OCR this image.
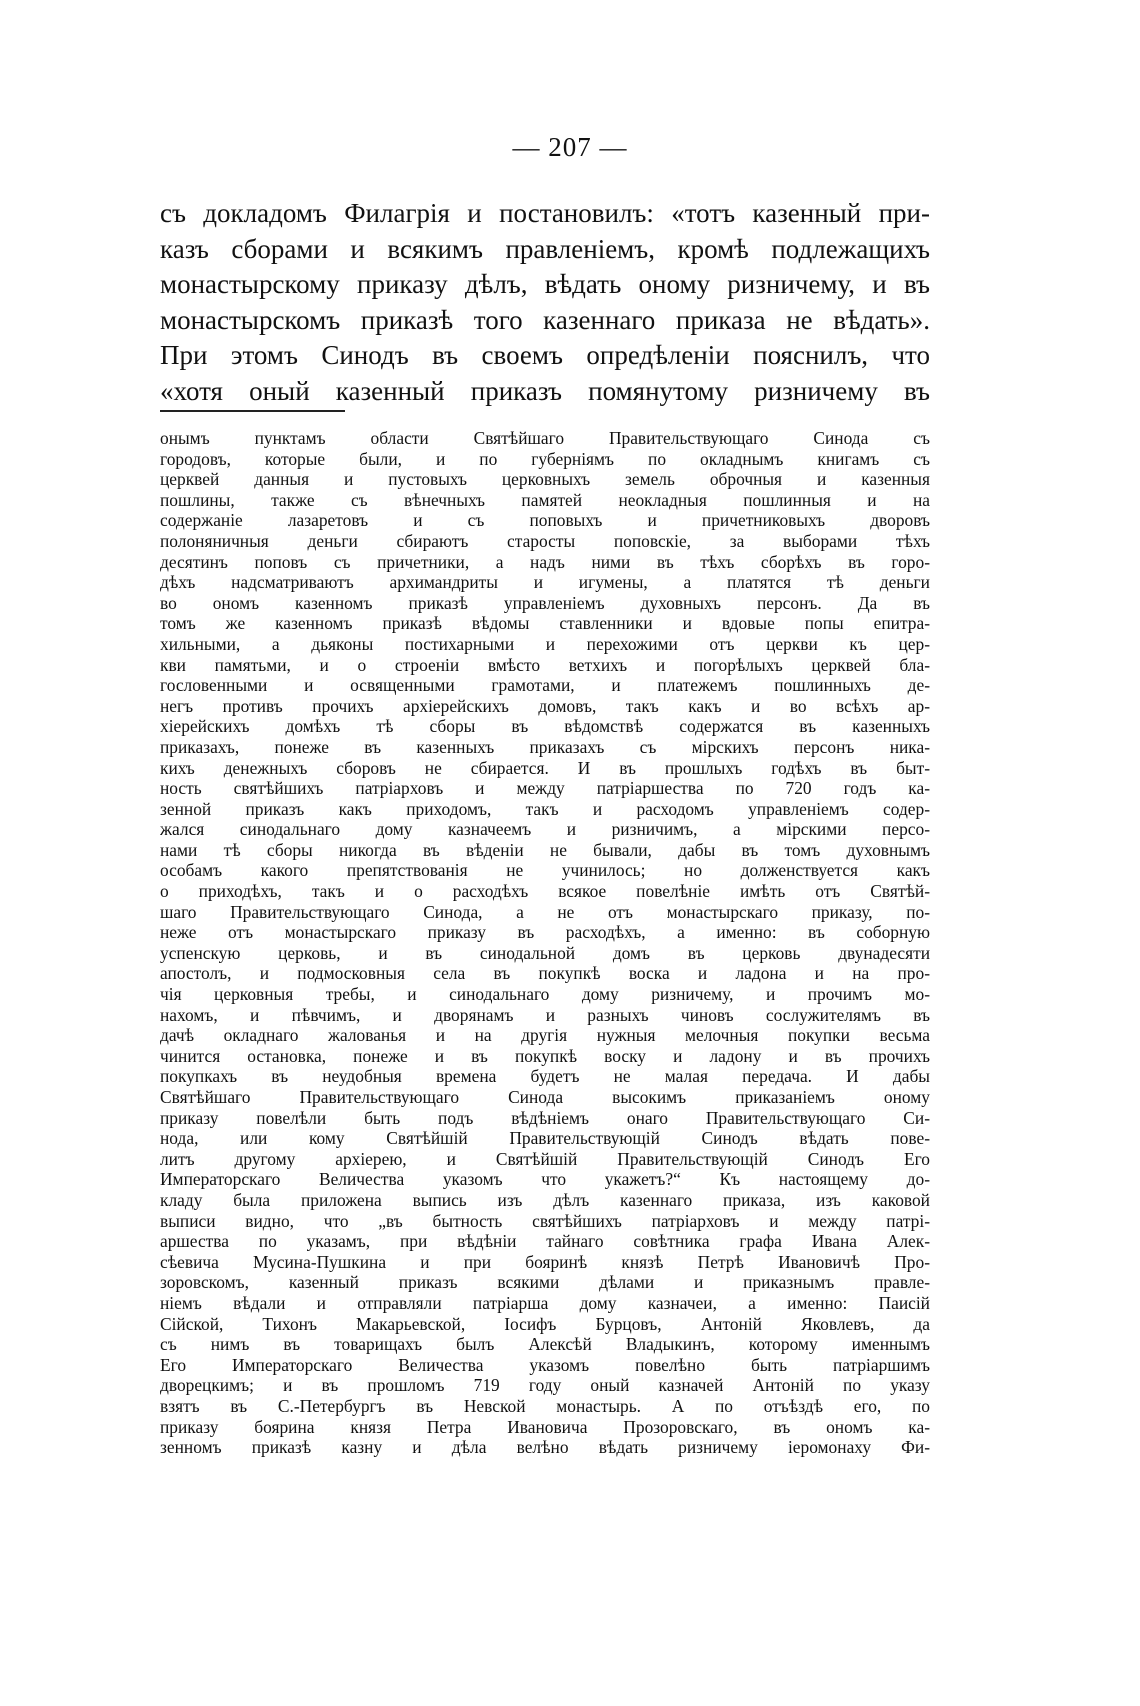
— 207 —
съ докладомъ Филагрія и постановилъ: «тотъ казенный при-
казъ сборами и всякимъ правленіемъ, кромѣ подлежащихъ
монастырскому приказу дѣлъ, вѣдать оному ризничему, и въ
монастырскомъ приказѣ того казеннаго приказа не вѣдать».
При этомъ Синодъ въ своемъ опредѣленіи пояснилъ, что
«хотя оный казенный приказъ помянутому ризничему въ
онымъ пунктамъ области Святѣйшаго Правительствующаго Синода съ
городовъ, которые были, и по губерніямъ по окладнымъ книгамъ съ
церквей данныя и пустовыхъ церковныхъ земель оброчныя и казенныя
пошлины, также съ вѣнечныхъ памятей неокладныя пошлинныя и на
содержаніе лазаретовъ и съ поповыхъ и причетниковыхъ дворовъ
полоняничныя деньги сбираютъ старосты поповскіе, за выборами тѣхъ
десятинъ поповъ съ причетники, а надъ ними въ тѣхъ сборѣхъ въ горо-
дѣхъ надсматриваютъ архимандриты и игумены, а платятся тѣ деньги
во ономъ казенномъ приказѣ управленіемъ духовныхъ персонъ. Да въ
томъ же казенномъ приказѣ вѣдомы ставленники и вдовые попы епитра-
хильными, а дьяконы постихарными и перехожими отъ церкви къ цер-
кви памятьми, и о строеніи вмѣсто ветхихъ и погорѣлыхъ церквей бла-
гословенными и освященными грамотами, и платежемъ пошлинныхъ де-
негъ противъ прочихъ архіерейскихъ домовъ, такъ какъ и во всѣхъ ар-
хіерейскихъ домѣхъ тѣ сборы въ вѣдомствѣ содержатся въ казенныхъ
приказахъ, понеже въ казенныхъ приказахъ съ мірскихъ персонъ ника-
кихъ денежныхъ сборовъ не сбирается. И въ прошлыхъ годѣхъ въ быт-
ность святѣйшихъ патріарховъ и между патріаршества по 720 годъ ка-
зенной приказъ какъ приходомъ, такъ и расходомъ управленіемъ содер-
жался синодальнаго дому казначеемъ и ризничимъ, а мірскими персо-
нами тѣ сборы никогда въ вѣденіи не бывали, дабы въ томъ духовнымъ
особамъ какого препятствованія не учинилось; но долженствуется какъ
о приходѣхъ, такъ и о расходѣхъ всякое повелѣніе имѣть отъ Святѣй-
шаго Правительствующаго Синода, а не отъ монастырскаго приказу, по-
неже отъ монастырскаго приказу въ расходѣхъ, а именно: въ соборную
успенскую церковь, и въ синодальной домъ въ церковь двунадесяти
апостолъ, и подмосковныя села въ покупкѣ воска и ладона и на про-
чія церковныя требы, и синодальнаго дому ризничему, и прочимъ мо-
нахомъ, и пѣвчимъ, и дворянамъ и разныхъ чиновъ сослужителямъ въ
дачѣ окладнаго жалованья и на другія нужныя мелочныя покупки весьма
чинится остановка, понеже и въ покупкѣ воску и ладону и въ прочихъ
покупкахъ въ неудобныя времена будетъ не малая передача. И дабы
Святѣйшаго Правительствующаго Синода высокимъ приказаніемъ оному
приказу повелѣли быть подъ вѣдѣніемъ онаго Правительствующаго Си-
нода, или кому Святѣйшій Правительствующій Синодъ вѣдать пове-
литъ другому архіерею, и Святѣйшій Правительствующій Синодъ Его
Императорскаго Величества указомъ что укажетъ?“ Къ настоящему до-
кладу была приложена выпись изъ дѣлъ казеннаго приказа, изъ каковой
выписи видно, что „въ бытность святѣйшихъ патріарховъ и между патрі-
аршества по указамъ, при вѣдѣніи тайнаго совѣтника графа Ивана Алек-
сѣевича Мусина-Пушкина и при бояринѣ князѣ Петрѣ Ивановичѣ Про-
зоровскомъ, казенный приказъ всякими дѣлами и приказнымъ правле-
ніемъ вѣдали и отправляли патріарша дому казначеи, а именно: Паисій
Сійской, Тихонъ Макарьевской, Іосифъ Бурцовъ, Антоній Яковлевъ, да
съ нимъ въ товарищахъ былъ Алексѣй Владыкинъ, которому именнымъ
Его Императорскаго Величества указомъ повелѣно быть патріаршимъ
дворецкимъ; и въ прошломъ 719 году оный казначей Антоній по указу
взятъ въ С.-Петербургъ въ Невской монастырь. А по отъѣздѣ его, по
приказу боярина князя Петра Ивановича Прозоровскаго, въ ономъ ка-
зенномъ приказѣ казну и дѣла велѣно вѣдать ризничему іеромонаху Фи-
